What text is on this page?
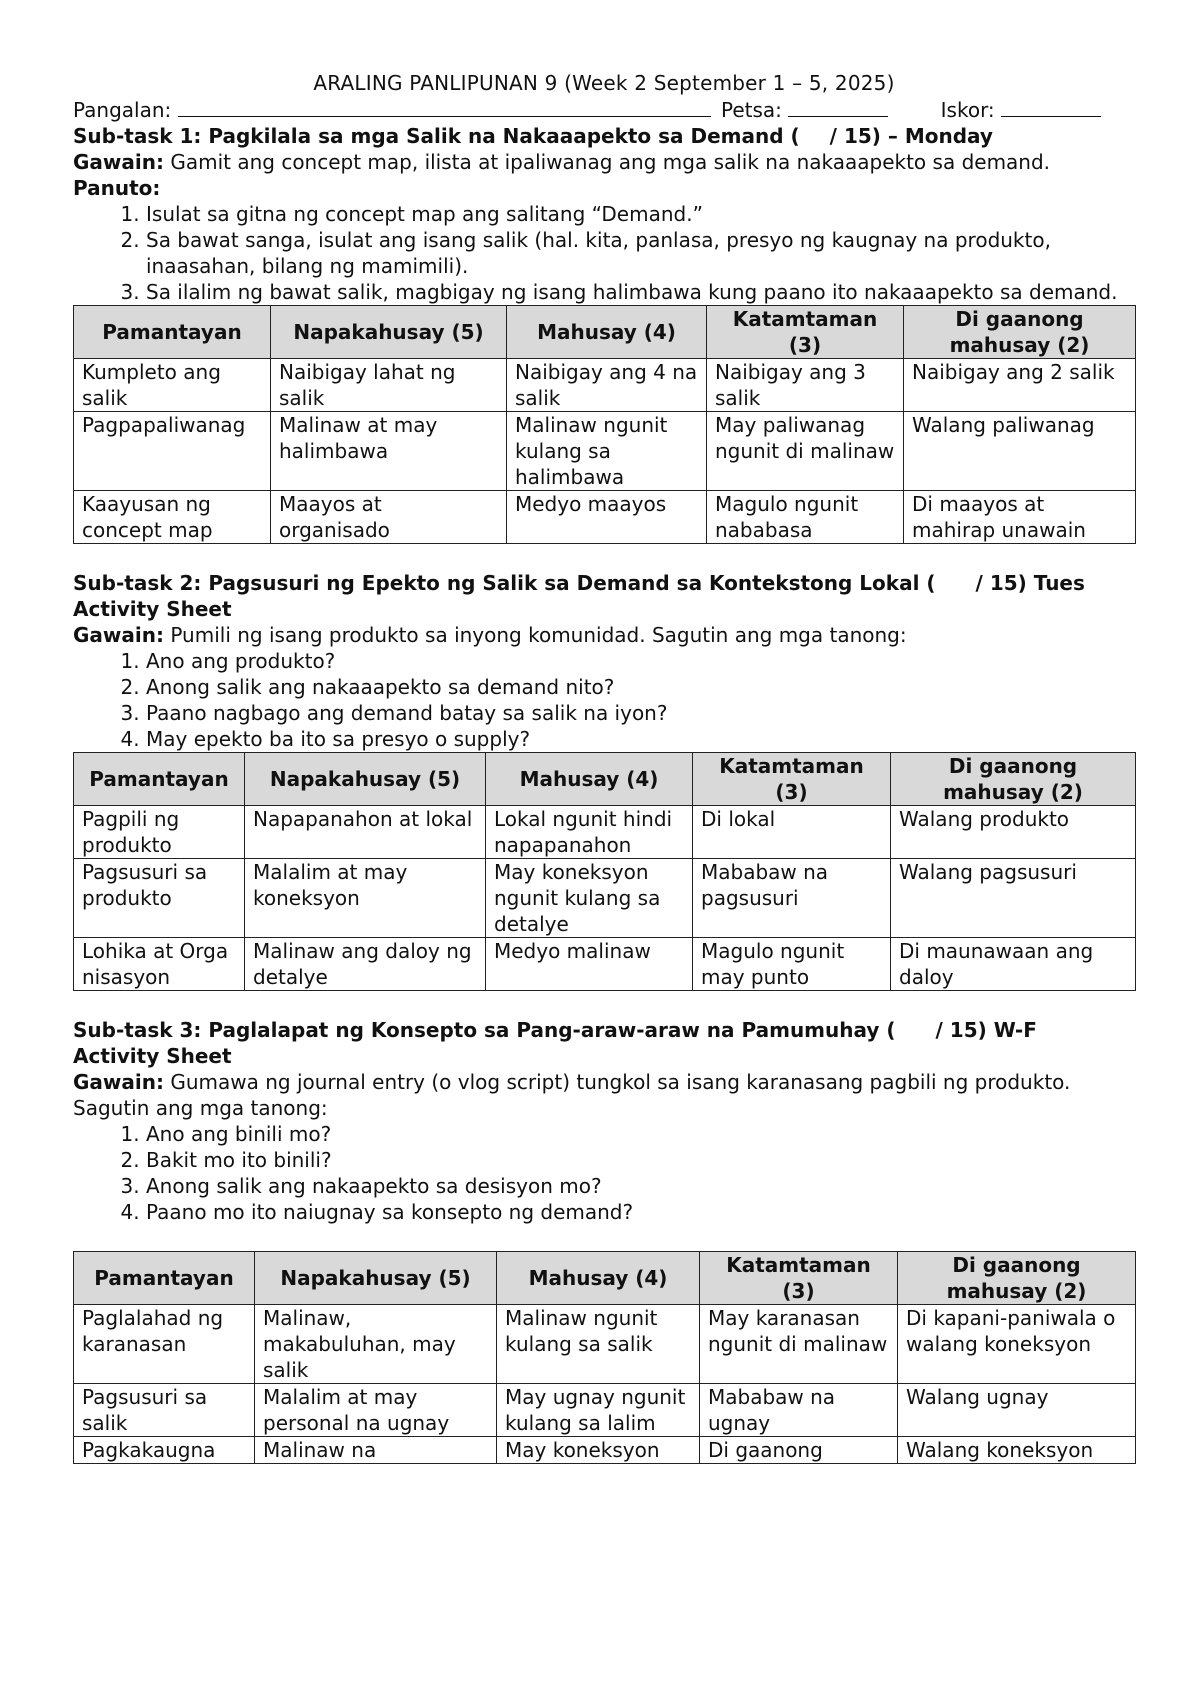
ARALING PANLIPUNAN 9 (Week 2 September 1 – 5, 2025)
Pangalan:	Petsa:	Iskor:
Sub-task 1: Pagkilala sa mga Salik na Nakaaapekto sa Demand ( / 15) – Monday
Gawain: Gamit ang concept map, ilista at ipaliwanag ang mga salik na nakaaapekto sa demand. Panuto:
1. Isulat sa gitna ng concept map ang salitang “Demand.”
2. Sa bawat sanga, isulat ang isang salik (hal. kita, panlasa, presyo ng kaugnay na produkto, inaasahan, bilang ng mamimili).
3. Sa ilalim ng bawat salik, magbigay ng isang halimbawa kung paano ito nakaaapekto sa demand.
Pamantayan	Napakahusay (5)	Mahusay (4)	Katamtaman (3)	Di gaanong mahusay (2)
Kumpleto ang salik	Naibigay lahat ng salik	Naibigay ang 4 na salik	Naibigay ang 3 salik	Naibigay ang 2 salik
Pagpapaliwanag	Malinaw at may halimbawa	Malinaw ngunit kulang sa halimbawa	May paliwanag ngunit di malinaw	Walang paliwanag
Kaayusan ng concept map	Maayos at organisado	Medyo maayos	Magulo ngunit nababasa	Di maayos at mahirap unawain
Sub-task 2: Pagsusuri ng Epekto ng Salik sa Demand sa Kontekstong Lokal ( / 15) Tues
Activity Sheet
Gawain: Pumili ng isang produkto sa inyong komunidad. Sagutin ang mga tanong:
1. Ano ang produkto?
2. Anong salik ang nakaaapekto sa demand nito?
3. Paano nagbago ang demand batay sa salik na iyon?
4. May epekto ba ito sa presyo o supply?
Pamantayan	Napakahusay (5)	Mahusay (4)	Katamtaman (3)	Di gaanong mahusay (2)
Pagpili ng produkto	Napapanahon at lokal	Lokal ngunit hindi napapanahon	Di lokal	Walang produkto
Pagsusuri sa produkto	Malalim at may koneksyon	May koneksyon ngunit kulang sa detalye	Mababaw na pagsusuri	Walang pagsusuri
Lohika at Organisasyon	Malinaw ang daloy ng detalye	Medyo malinaw	Magulo ngunit may punto	Di maunawaan ang daloy
Sub-task 3: Paglalapat ng Konsepto sa Pang-araw-araw na Pamumuhay ( / 15) W-F
Activity Sheet
Gawain: Gumawa ng journal entry (o vlog script) tungkol sa isang karanasang pagbili ng produkto. Sagutin ang mga tanong:
1. Ano ang binili mo?
2. Bakit mo ito binili?
3. Anong salik ang nakaapekto sa desisyon mo?
4. Paano mo ito naiugnay sa konsepto ng demand?
Pamantayan	Napakahusay (5)	Mahusay (4)	Katamtaman (3)	Di gaanong mahusay (2)
Paglalahad ng karanasan	Malinaw, makabuluhan, may salik	Malinaw ngunit kulang sa salik	May karanasan ngunit di malinaw	Di kapani-paniwala o walang koneksyon
Pagsusuri sa salik	Malalim at may personal na ugnay	May ugnay ngunit kulang sa lalim	Mababaw na ugnay	Walang ugnay
Pagkakaugna	Malinaw na	May koneksyon	Di gaanong	Walang koneksyon
